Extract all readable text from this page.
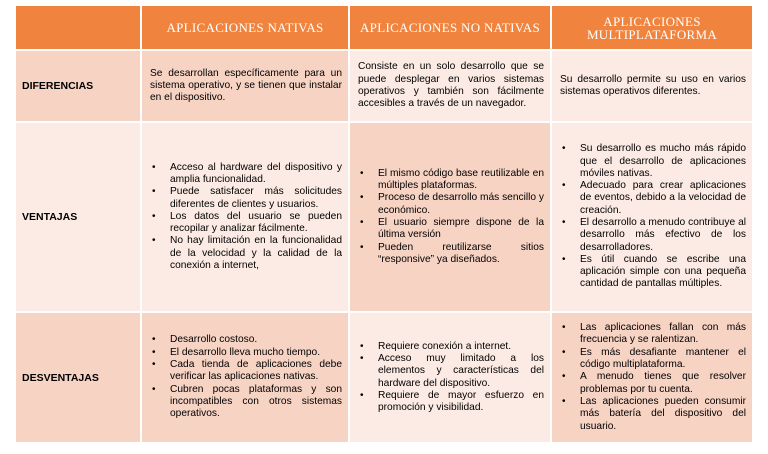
APLICACIONES NATIVAS	APLICACIONES NO NATIVAS	APLICACIONES MULTIPLATAFORMA
DIFERENCIAS

Se desarrollan específicamente para un sistema operativo, y se tienen que instalar en el dispositivo.

Consiste en un solo desarrollo que se puede desplegar en varios sistemas operativos y también son fácilmente accesibles a través de un navegador.

Su desarrollo permite su uso en varios sistemas operativos diferentes.

VENTAJAS
• Acceso al hardware del dispositivo y amplia funcionalidad.
• Puede satisfacer más solicitudes diferentes de clientes y usuarios.
• Los datos del usuario se pueden recopilar y analizar fácilmente.
• No hay limitación en la funcionalidad de la velocidad y la calidad de la conexión a internet,
• El mismo código base reutilizable en múltiples plataformas.
• Proceso de desarrollo más sencillo y económico.
• El usuario siempre dispone de la última versión
• Pueden reutilizarse sitios “responsive” ya diseñados.
• Su desarrollo es mucho más rápido que el desarrollo de aplicaciones móviles nativas.
• Adecuado para crear aplicaciones de eventos, debido a la velocidad de creación.
• El desarrollo a menudo contribuye al desarrollo más efectivo de los desarrolladores.
• Es útil cuando se escribe una aplicación simple con una pequeña cantidad de pantallas múltiples.
DESVENTAJAS
• Desarrollo costoso.
• El desarrollo lleva mucho tiempo.
• Cada tienda de aplicaciones debe verificar las aplicaciones nativas.
• Cubren pocas plataformas y son incompatibles con otros sistemas operativos.
• Requiere conexión a internet.
• Acceso muy limitado a los elementos y características del hardware del dispositivo.
• Requiere de mayor esfuerzo en promoción y visibilidad.
• Las aplicaciones fallan con más frecuencia y se ralentizan.
• Es más desafiante mantener el código multiplataforma.
• A menudo tienes que resolver problemas por tu cuenta.
• Las aplicaciones pueden consumir más batería del dispositivo del usuario.
